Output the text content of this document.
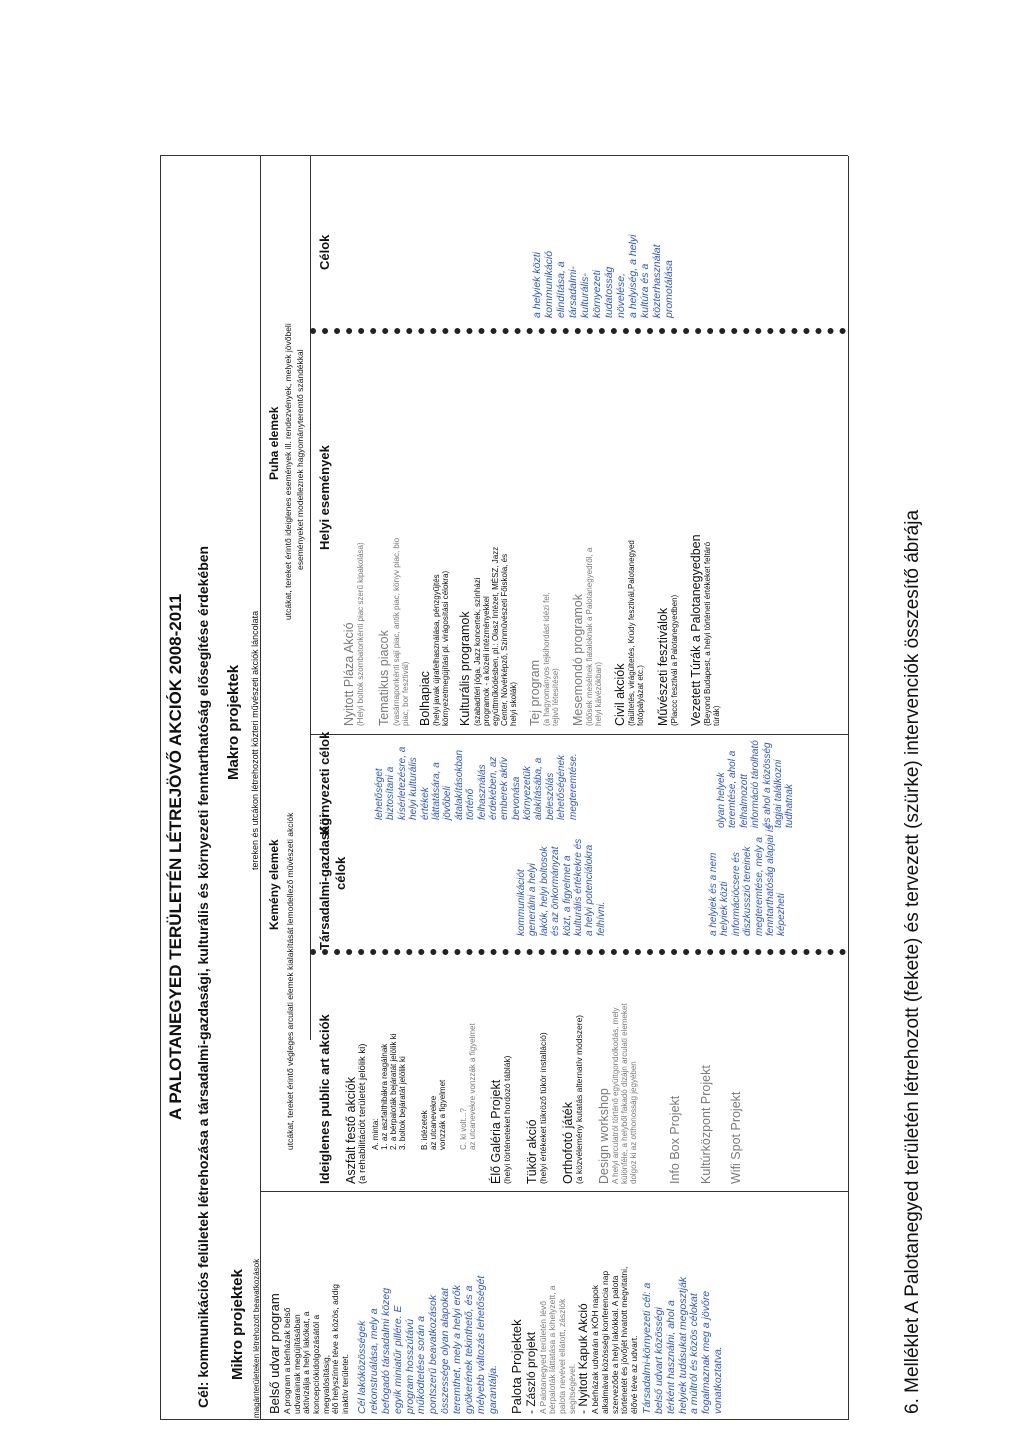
A PALOTANEGYED TERÜLETÉN LÉTREJÖVŐ AKCIÓK 2008-2011 Cél: kommunikációs felületek létrehozása a társadalmi-gazdasági, kulturális és környezeti fenntarthatóság elősegítése érdekében Mikro projektek magánterületeken létrehozott beavatkozások
Makro projektek tereken és utcákon létrehozott közteri művészeti akciók láncolata
Kemény elemek utcákat, tereket érintő végleges arculati elemek kialakítását lemodellező művészeti akciók
Puha elemek utcákat, tereket érintő ideiglenes események ill. rendezvények, melyek jövőbeli eseményeket modelleznek hagyományteremtő szándékkal
Ideiglenes public art akciók
Társadalmi-gazdasági célok
Környezeti célok
Helyi események
Célok
Belső udvar program A program a bérházak belső udvarainak megújításában aktivizálja a helyi lakókat, a koncepciókidolgozásától a megvalósításig, élő helyszínné téve a közös, addig inaktív területet. Cél lakóközösségek rekonstruálása, mely a befogadó társadalmi közeg egyik miniatűr pillére. E program hosszútávú működtetése során a pontszerű beavatkozások összessége olyan alapokat teremthet, mely a helyi erők gyökerének tekinthető, és a mélyebb változás lehetőségét garantálja. Palota Projektek - Zászló projekt A Palotanegyed területén lévő bérpaloták láttatása a kihelyzett, a palota nevével ellátott, zászlók segítségével. - Nyitott Kapuk Akció A bérházak udvarán a KÖH napok alkalmával közösségi konferencia nap szerveződe a helyi lakókkal. A palota történetét és jövőjét hivatott megvitatni, élővé téve az udvart. Társadalmi-környezeti cél: a belső udvart közösségi térként használni, ahol a helyiek tudásukat megosztják a múltról és közös célokat fogalmaznak meg a jövőre vonatkoztatva.
Aszfalt festő akciók (a rehabilitációt területét jelölik ki) A. minta: 1. az aszfalthibákra reagálnak 2. a bérpaloták bejáratát jelölik ki 3. boltok bejáratát jelölik ki B. idézetek az utcanevekre vonzzák a figyelmet C. ki volt...? az utcanevekre vonzzák a figyelmet Élő Galéria Projekt (helyi történeteket hordozó táblák) Tükör akció (helyi értékeket tükröző tükör installáció) Orthofotó játék (a közvélemény kutatás alternatív módszere) Design workshop A helyi arculatról történő együttgondolkodás, mely különféle, a helyből fakadó dizájn arculati elemeket dolgoz ki az otthonosság jegyében Info Box Projekt Kultúrközpont Projekt Wifi Spot Projekt
kommunikációt generálni a helyi lakók, helyi boltosok és az önkormányzat közt, a figyelmet a kulturális értékekre és a helyi potenciálokra felhívni.	a helyiek és a nem helyiek közti információcsere és diszkusszió tereinek megteremtése, mely a fenntarthatóság alapjai is képezheti
lehetőséget biztosítani a kísérletezésre, a helyi kulturális értékek láttatására, a jövőbeli átalakításokban történő felhasználás érdekében, az emberek aktív bevonása környezetük alakításába, a beleszólás lehetőségének megteremtése.	olyan helyek teremtése, ahol a felhalmozott információ tárolható és ahol a közösség tagjai találkozni tudhatnak
Nyitott Pláza Akció (Helyi boltok szombatonkénti piac szerű kipakolása) Tematikus piacok (vasárnaponkénti saji piac, antik piac, könyv piac, bio piac, bor fesztivál) Bolhapiac (helyi javak újrafelhasználása, pénzgyűjtés környezetmegújítási pl. virágosítási célokra) Kulturális programok (szabadtéri jóga, Jazz koncertek, színházi programok - a közeli intézményekkel együttműködésben, pl.: Olasz Intézet, MÉSZ, Jazz Center, Növérképző, Színművészeti Főiskola, és helyi skolák) Tej program (a hagyományos tejkihordást idézi fel, tejivó létesítése) Mesemondó programok (idősek mesélnek fiataloknak a Palotanegyedről, a helyi kávézókban) Civil akciók (faültetés, virágültetés, Krúdy fesztivál,Palotanegyed fotópályázat etc.) Művészeti fesztiválok (Placcc fesztivál a Palotanegyedben) Vezetett Túrák a Palotanegyedben (Beyond Budapest, a helyi történeti értékeket feltáró túrák)
a helyiek közti kommunikáció elindítása, a társadalmi- kulturális- környezeti tudatosság növelése, a helyiség, a helyi kultúra és a közterhasználat promotálása
6. Melléklet A Palotanegyed területén létrehozott (fekete) és tervezett (szürke) intervenciók összesítő ábrája
